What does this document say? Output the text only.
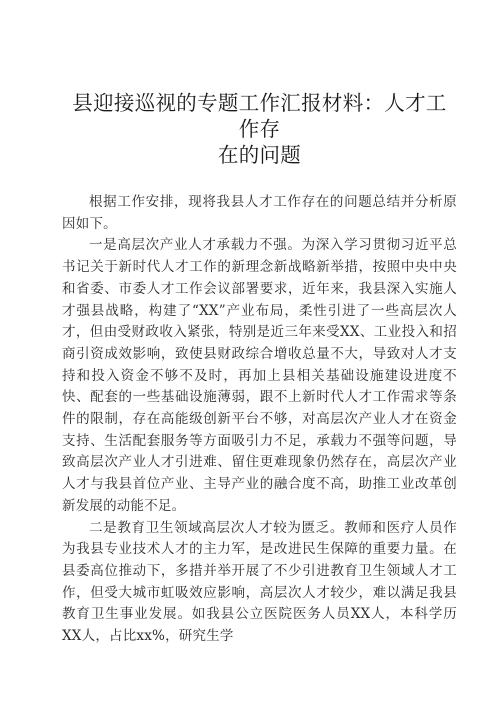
县迎接巡视的专题工作汇报材料：人才工作存
在的问题

根据工作安排，现将我县人才工作存在的问题总结并分析原因如下。

一是高层次产业人才承载力不强。为深入学习贯彻习近平总书记关于新时代人才工作的新理念新战略新举措，按照中央中央和省委、市委人才工作会议部署要求，近年来，我县深入实施人才强县战略，构建了“XX”产业布局，柔性引进了一些高层次人才，但由受财政收入紧张，特别是近三年来受XX、工业投入和招商引资成效影响，致使县财政综合增收总量不大，导致对人才支持和投入资金不够不及时，再加上县相关基础设施建设进度不快、配套的一些基础设施薄弱，跟不上新时代人才工作需求等条件的限制，存在高能级创新平台不够，对高层次产业人才在资金支持、生活配套服务等方面吸引力不足，承载力不强等问题，导致高层次产业人才引进难、留住更难现象仍然存在，高层次产业人才与我县首位产业、主导产业的融合度不高，助推工业改革创新发展的动能不足。

二是教育卫生领域高层次人才较为匮乏。教师和医疗人员作为我县专业技术人才的主力军，是改进民生保障的重要力量。在县委高位推动下，多措并举开展了不少引进教育卫生领域人才工作，但受大城市虹吸效应影响，高层次人才较少，难以满足我县教育卫生事业发展。如我县公立医院医务人员XX人，本科学历XX人，占比xx%，研究生学
